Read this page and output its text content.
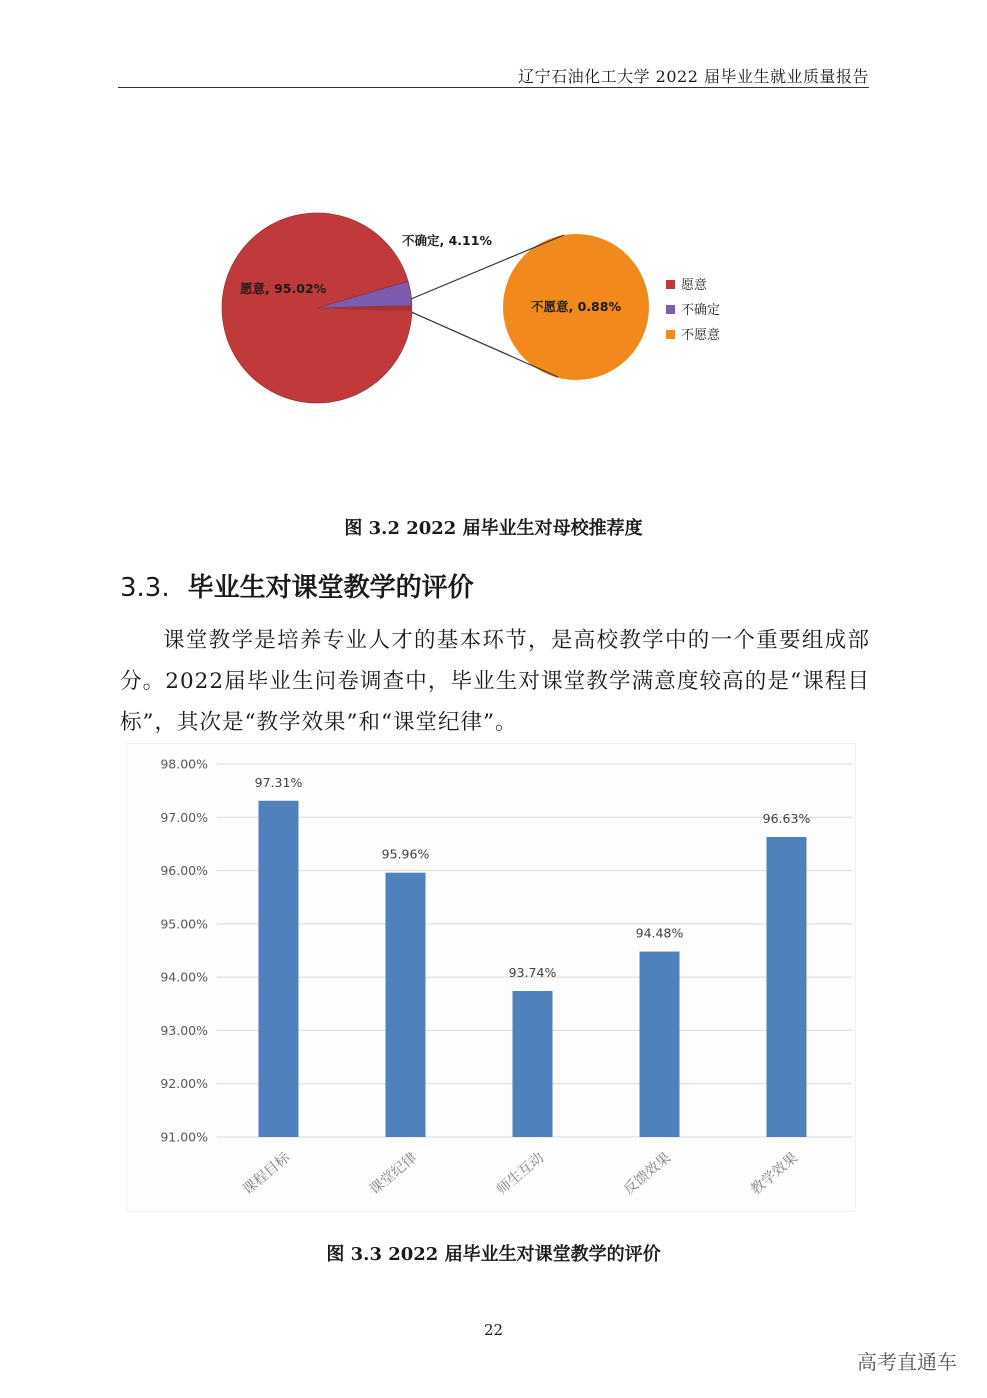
辽宁石油化工大学 2022 届毕业生就业质量报告
愿意, 95.02%
不确定, 4.11%
不愿意, 0.88%
愿意
不确定
不愿意
图 3.2 2022 届毕业生对母校推荐度
3.3. 毕业生对课堂教学的评价
课堂教学是培养专业人才的基本环节，是高校教学中的一个重要组成部分。2022届毕业生问卷调查中，毕业生对课堂教学满意度较高的是“课程目标”，其次是“教学效果”和“课堂纪律”。
91.00%
92.00%
93.00%
94.00%
95.00%
96.00%
97.00%
98.00%
97.31%
课程目标
95.96%
课堂纪律
93.74%
师生互动
94.48%
反馈效果
96.63%
教学效果
图 3.3 2022 届毕业生对课堂教学的评价
22
高考直通车
